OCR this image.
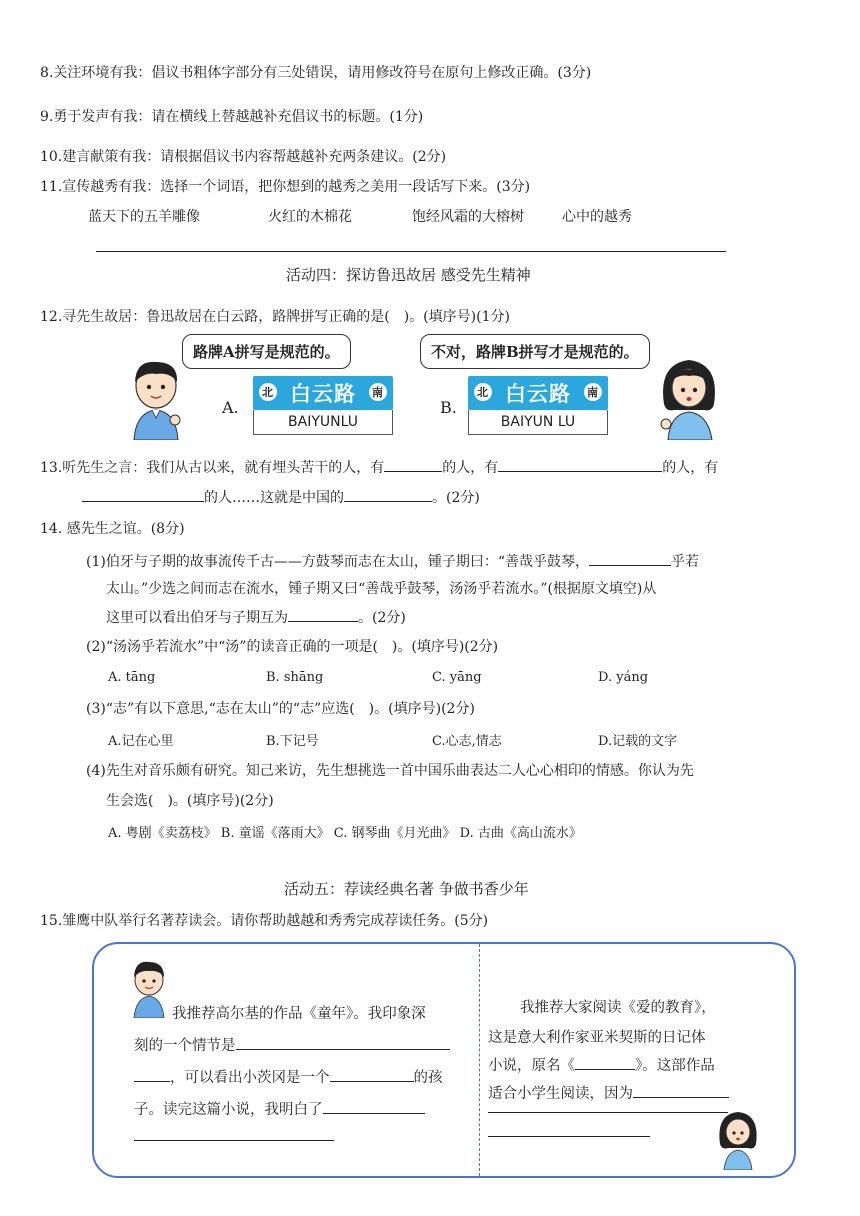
8.关注环境有我：倡议书粗体字部分有三处错误，请用修改符号在原句上修改正确。(3分)
9.勇于发声有我：请在横线上替越越补充倡议书的标题。(1分)
10.建言献策有我：请根据倡议书内容帮越越补充两条建议。(2分)
11.宣传越秀有我：选择一个词语，把你想到的越秀之美用一段话写下来。(3分)
蓝天下的五羊雕像	火红的木棉花	饱经风霜的大榕树	心中的越秀
活动四：探访鲁迅故居 感受先生精神
12.寻先生故居：鲁迅故居在白云路，路牌拼写正确的是(　)。(填序号)(1分)
路牌A拼写是规范的。
A.
北 白云路 南
BAIYUNLU
不对，路牌B拼写才是规范的。
B.
北 白云路 南
BAIYUN LU
13.听先生之言：我们从古以来，就有埋头苦干的人，有	的人，有	的人，有
的人……这就是中国的	。(2分)
14. 感先生之谊。(8分)
(1)伯牙与子期的故事流传千古——方鼓琴而志在太山，锺子期曰：“善哉乎鼓琴，	乎若
太山。”少选之间而志在流水，锺子期又曰“善哉乎鼓琴，汤汤乎若流水。”(根据原文填空)从
这里可以看出伯牙与子期互为	。(2分)
(2)“汤汤乎若流水”中“汤”的读音正确的一项是(　)。(填序号)(2分)
A. tāng	B. shāng	C. yāng	D. yáng
(3)“志”有以下意思,“志在太山”的“志”应选(　)。(填序号)(2分)
A.记在心里	B.下记号	C.心志,情志	D.记载的文字
(4)先生对音乐颇有研究。知己来访，先生想挑选一首中国乐曲表达二人心心相印的情感。你认为先
生会选(　)。(填序号)(2分)
A. 粤剧《卖荔枝》 B. 童谣《落雨大》 C. 钢琴曲《月光曲》 D. 古曲《高山流水》
活动五：荐读经典名著 争做书香少年
15.雏鹰中队举行名著荐读会。请你帮助越越和秀秀完成荐读任务。(5分)
我推荐高尔基的作品《童年》。我印象深
刻的一个情节是
，可以看出小茨冈是一个	的孩
子。读完这篇小说，我明白了
我推荐大家阅读《爱的教育》，
这是意大利作家亚米契斯的日记体
小说，原名《	》。这部作品
适合小学生阅读，因为
